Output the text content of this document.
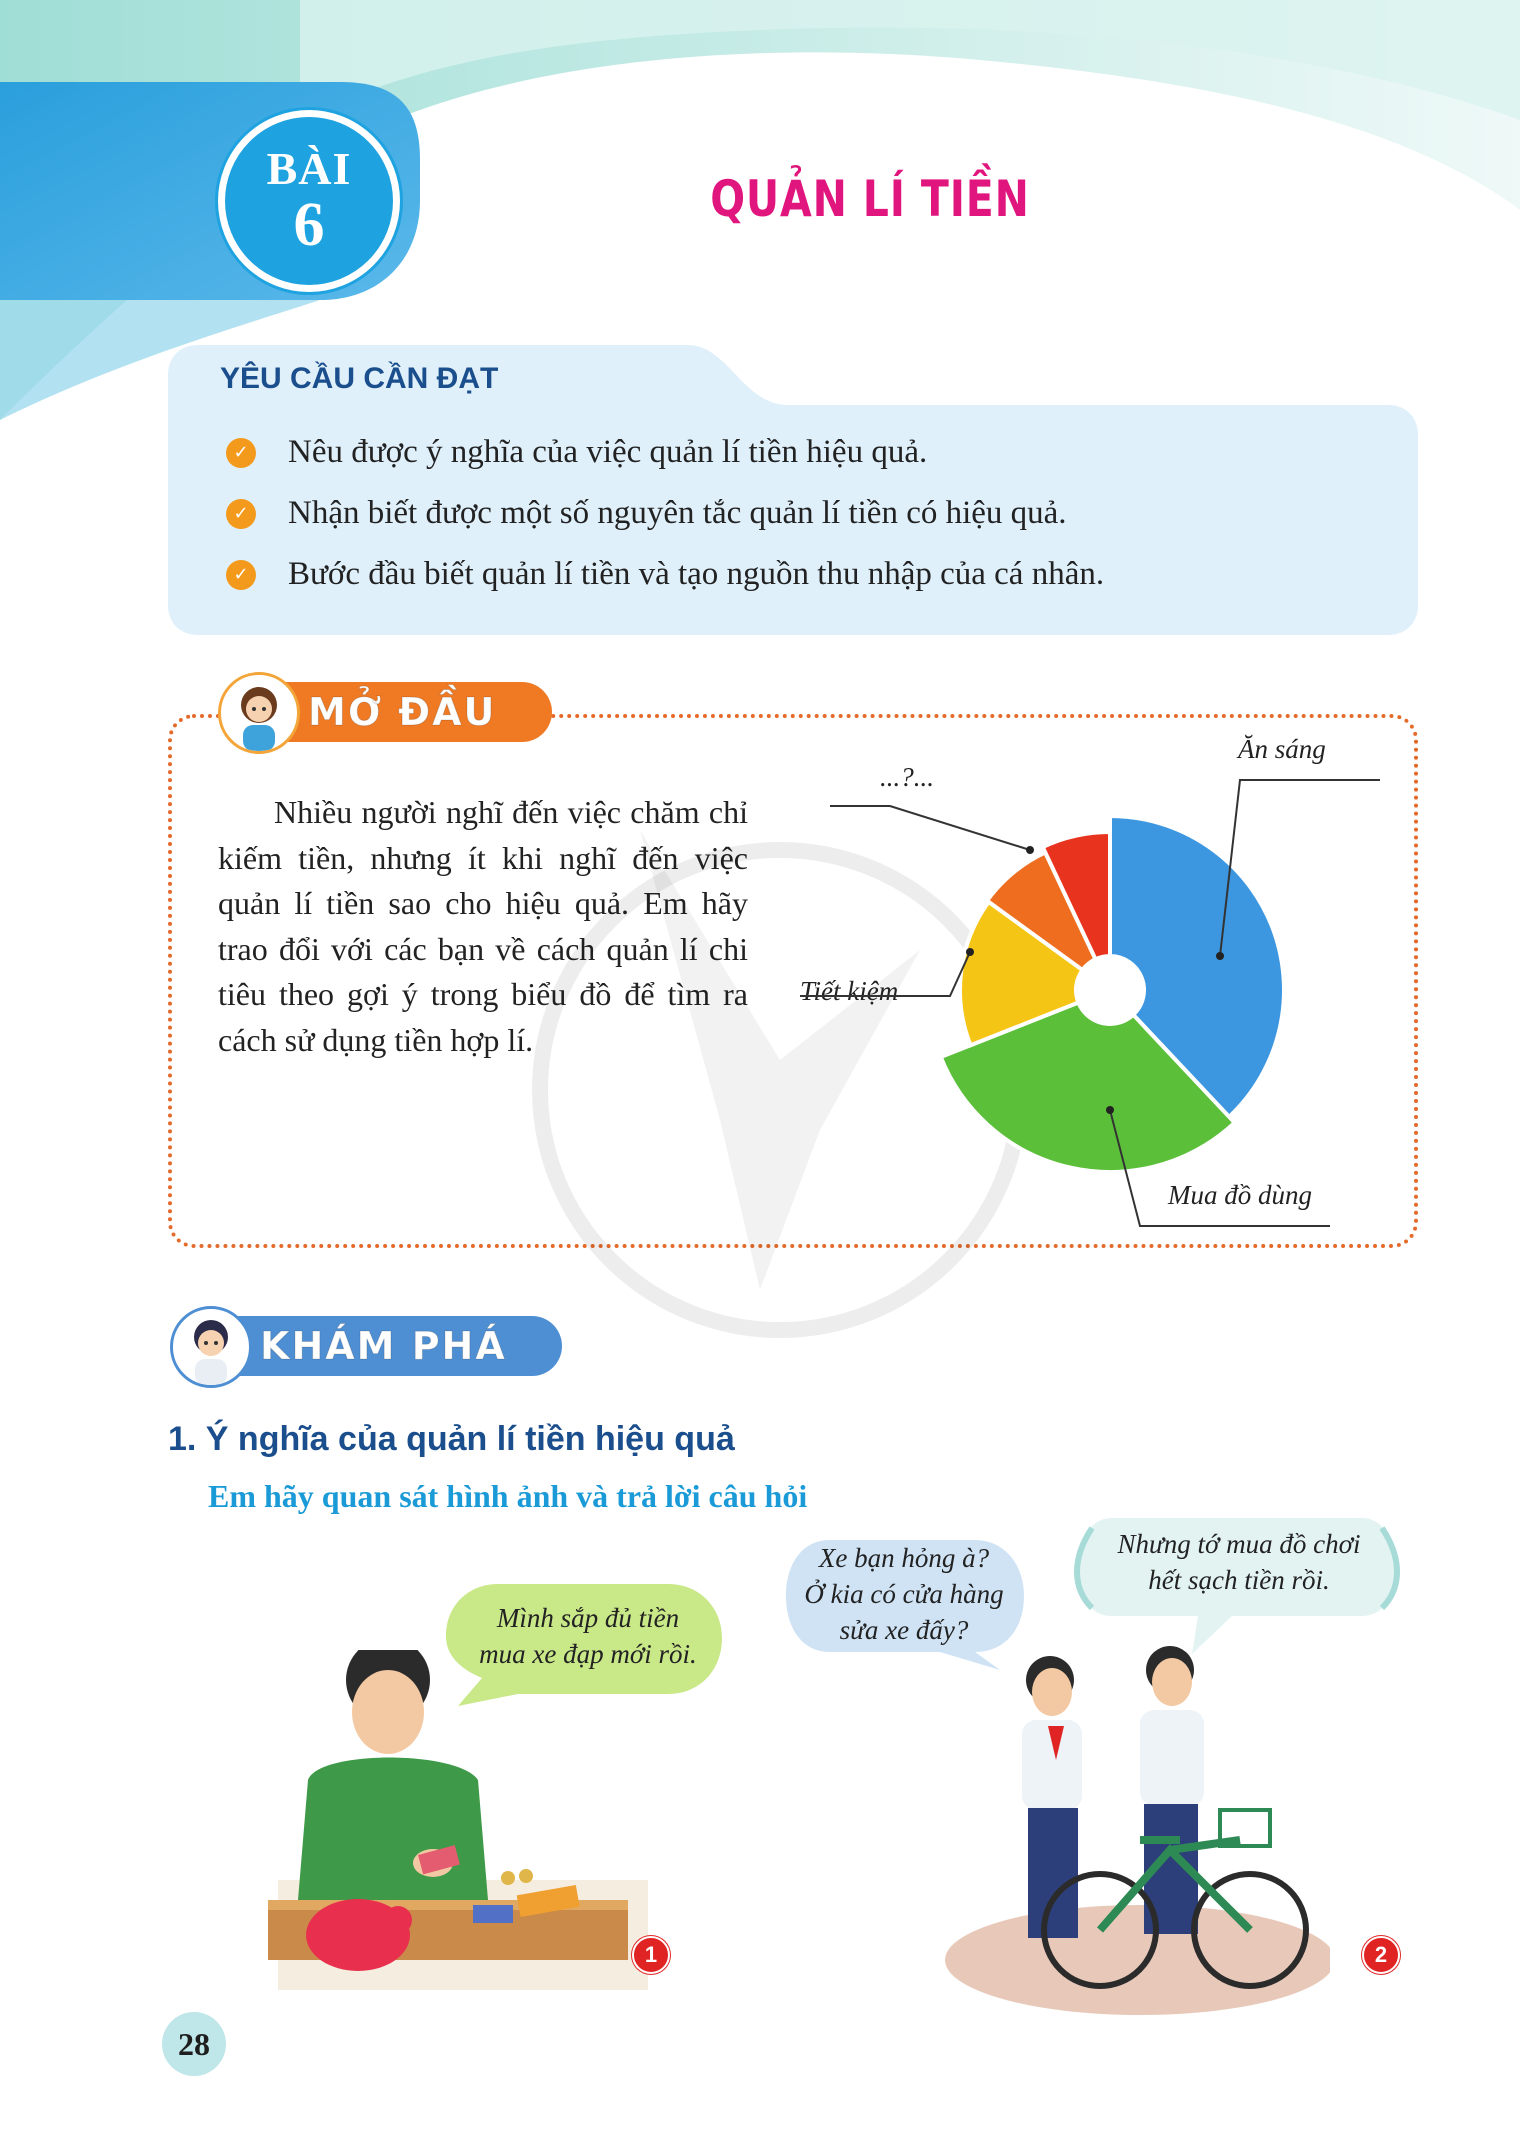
BÀI
6	QUẢN LÍ TIỀN
YÊU CẦU CẦN ĐẠT
✓ Nêu được ý nghĩa của việc quản lí tiền hiệu quả.
✓ Nhận biết được một số nguyên tắc quản lí tiền có hiệu quả.
✓ Bước đầu biết quản lí tiền và tạo nguồn thu nhập của cá nhân.
MỞ ĐẦU
Nhiều người nghĩ đến việc chăm chỉ kiếm tiền, nhưng ít khi nghĩ đến việc quản lí tiền sao cho hiệu quả. Em hãy trao đổi với các bạn về cách quản lí chi tiêu theo gợi ý trong biểu đồ để tìm ra cách sử dụng tiền hợp lí.
Ăn sáng
...?...
Tiết kiệm
Mua đồ dùng
KHÁM PHÁ
1. Ý nghĩa của quản lí tiền hiệu quả
Em hãy quan sát hình ảnh và trả lời câu hỏi
Mình sắp đủ tiền
mua xe đạp mới rồi.
1
Xe bạn hỏng à?
Ở kia có cửa hàng
sửa xe đấy?
Nhưng tớ mua đồ chơi
hết sạch tiền rồi.
2
28
